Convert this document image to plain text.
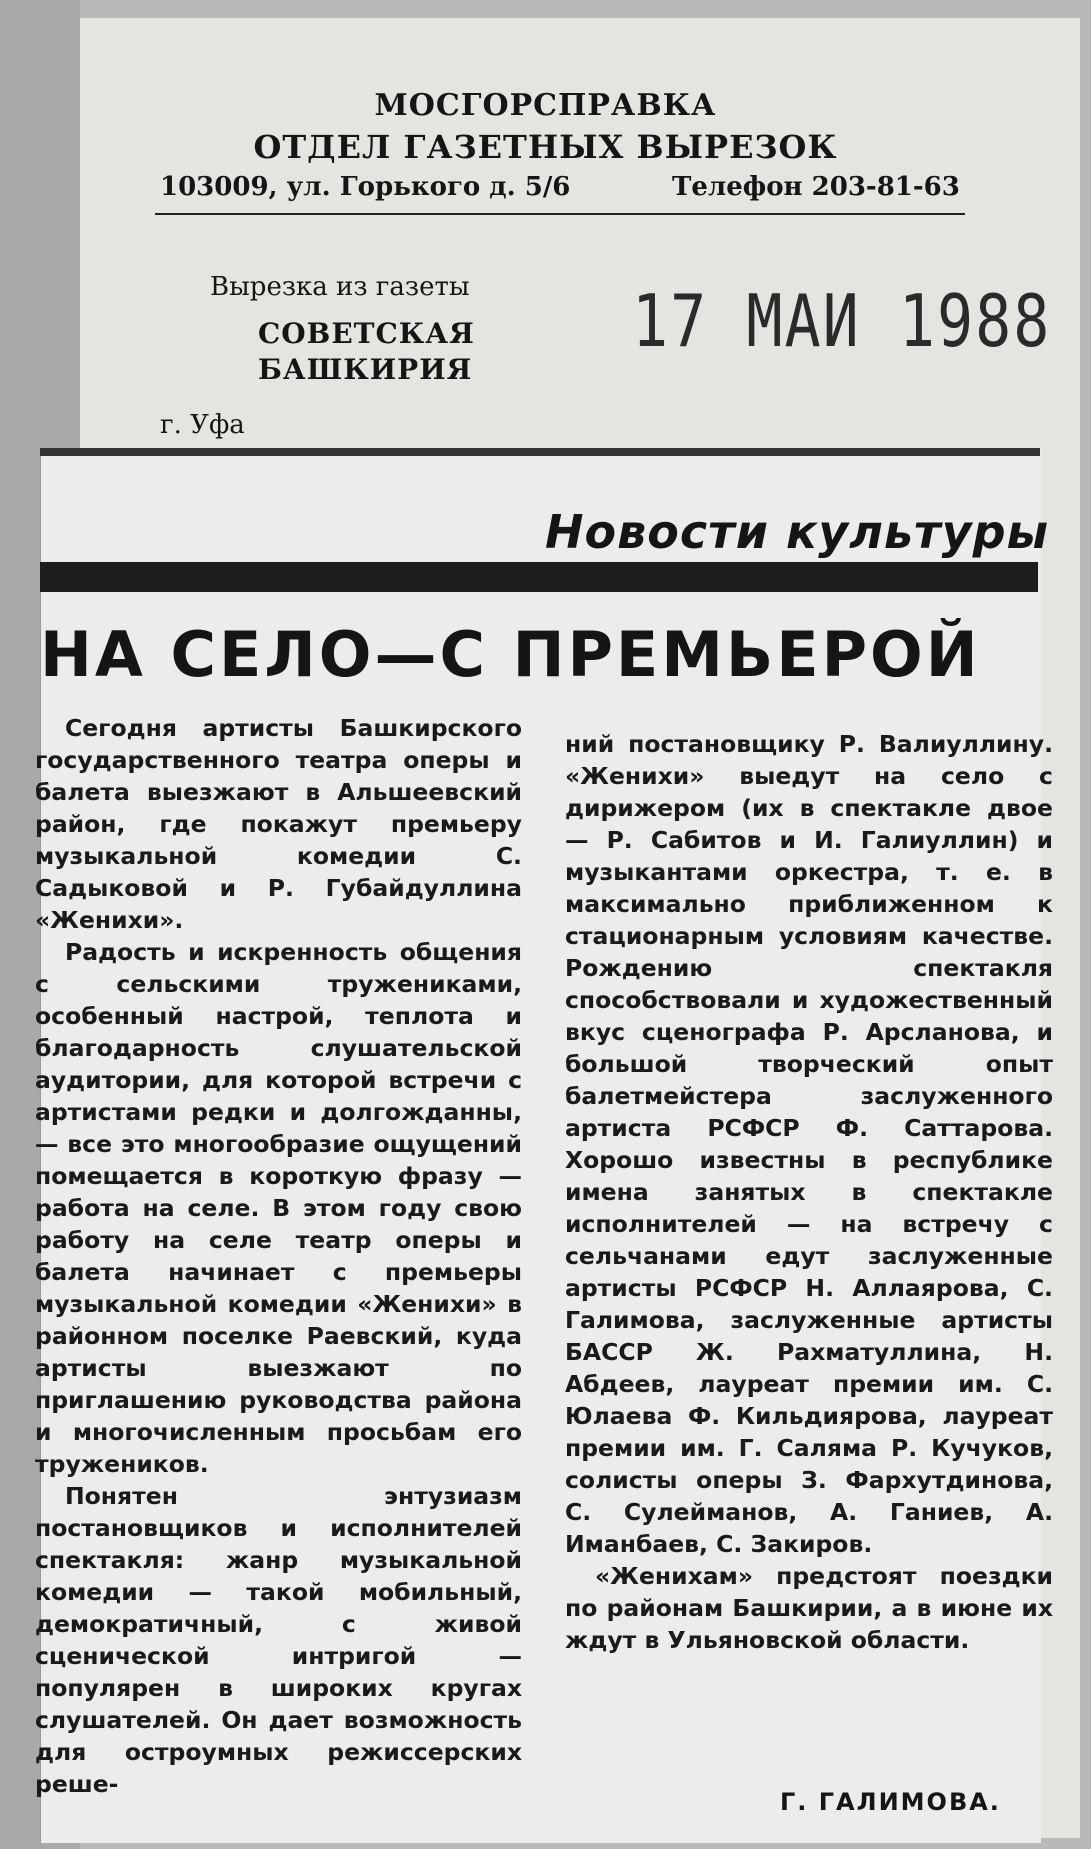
МОСГОРСПРАВКА
ОТДЕЛ ГАЗЕТНЫХ ВЫРЕЗОК
103009, ул. Горького д. 5/6	Телефон 203-81-63
Вырезка из газеты
СОВЕТСКАЯ
БАШКИРИЯ
г. Уфа
17 МАИ 1988
Новости культуры
НА СЕЛО—С ПРЕМЬЕРОЙ

Сегодня артисты Башкирского государственного театра оперы и балета выезжают в Альшеевский район, где покажут премьеру музыкальной комедии С. Садыковой и Р. Губайдуллина «Женихи».

Радость и искренность общения с сельскими тружениками, особенный настрой, теплота и благодарность слушательской аудитории, для которой встречи с артистами редки и долгожданны, — все это многообразие ощущений помещается в короткую фразу — работа на селе. В этом году свою работу на селе театр оперы и балета начинает с премьеры музыкальной комедии «Женихи» в районном поселке Раевский, куда артисты выезжают по приглашению руководства района и многочисленным просьбам его тружеников.

Понятен энтузиазм постановщиков и исполнителей спектакля: жанр музыкальной комедии — такой мобильный, демократичный, с живой сценической интригой — популярен в широких кругах слушателей. Он дает возможность для остроумных режиссерских реше-

ний постановщику Р. Валиуллину. «Женихи» выедут на село с дирижером (их в спектакле двое — Р. Сабитов и И. Галиуллин) и музыкантами оркестра, т. е. в максимально приближенном к стационарным условиям качестве. Рождению спектакля способствовали и художественный вкус сценографа Р. Арсланова, и большой творческий опыт балетмейстера заслуженного артиста РСФСР Ф. Саттарова. Хорошо известны в республике имена занятых в спектакле исполнителей — на встречу с сельчанами едут заслуженные артисты РСФСР Н. Аллаярова, С. Галимова, заслуженные артисты БАССР Ж. Рахматуллина, Н. Абдеев, лауреат премии им. С. Юлаева Ф. Кильдиярова, лауреат премии им. Г. Саляма Р. Кучуков, солисты оперы З. Фархутдинова, С. Сулейманов, А. Ганиев, А. Иманбаев, С. Закиров.

«Женихам» предстоят поездки по районам Башкирии, а в июне их ждут в Ульяновской области.

Г. ГАЛИМОВА.
